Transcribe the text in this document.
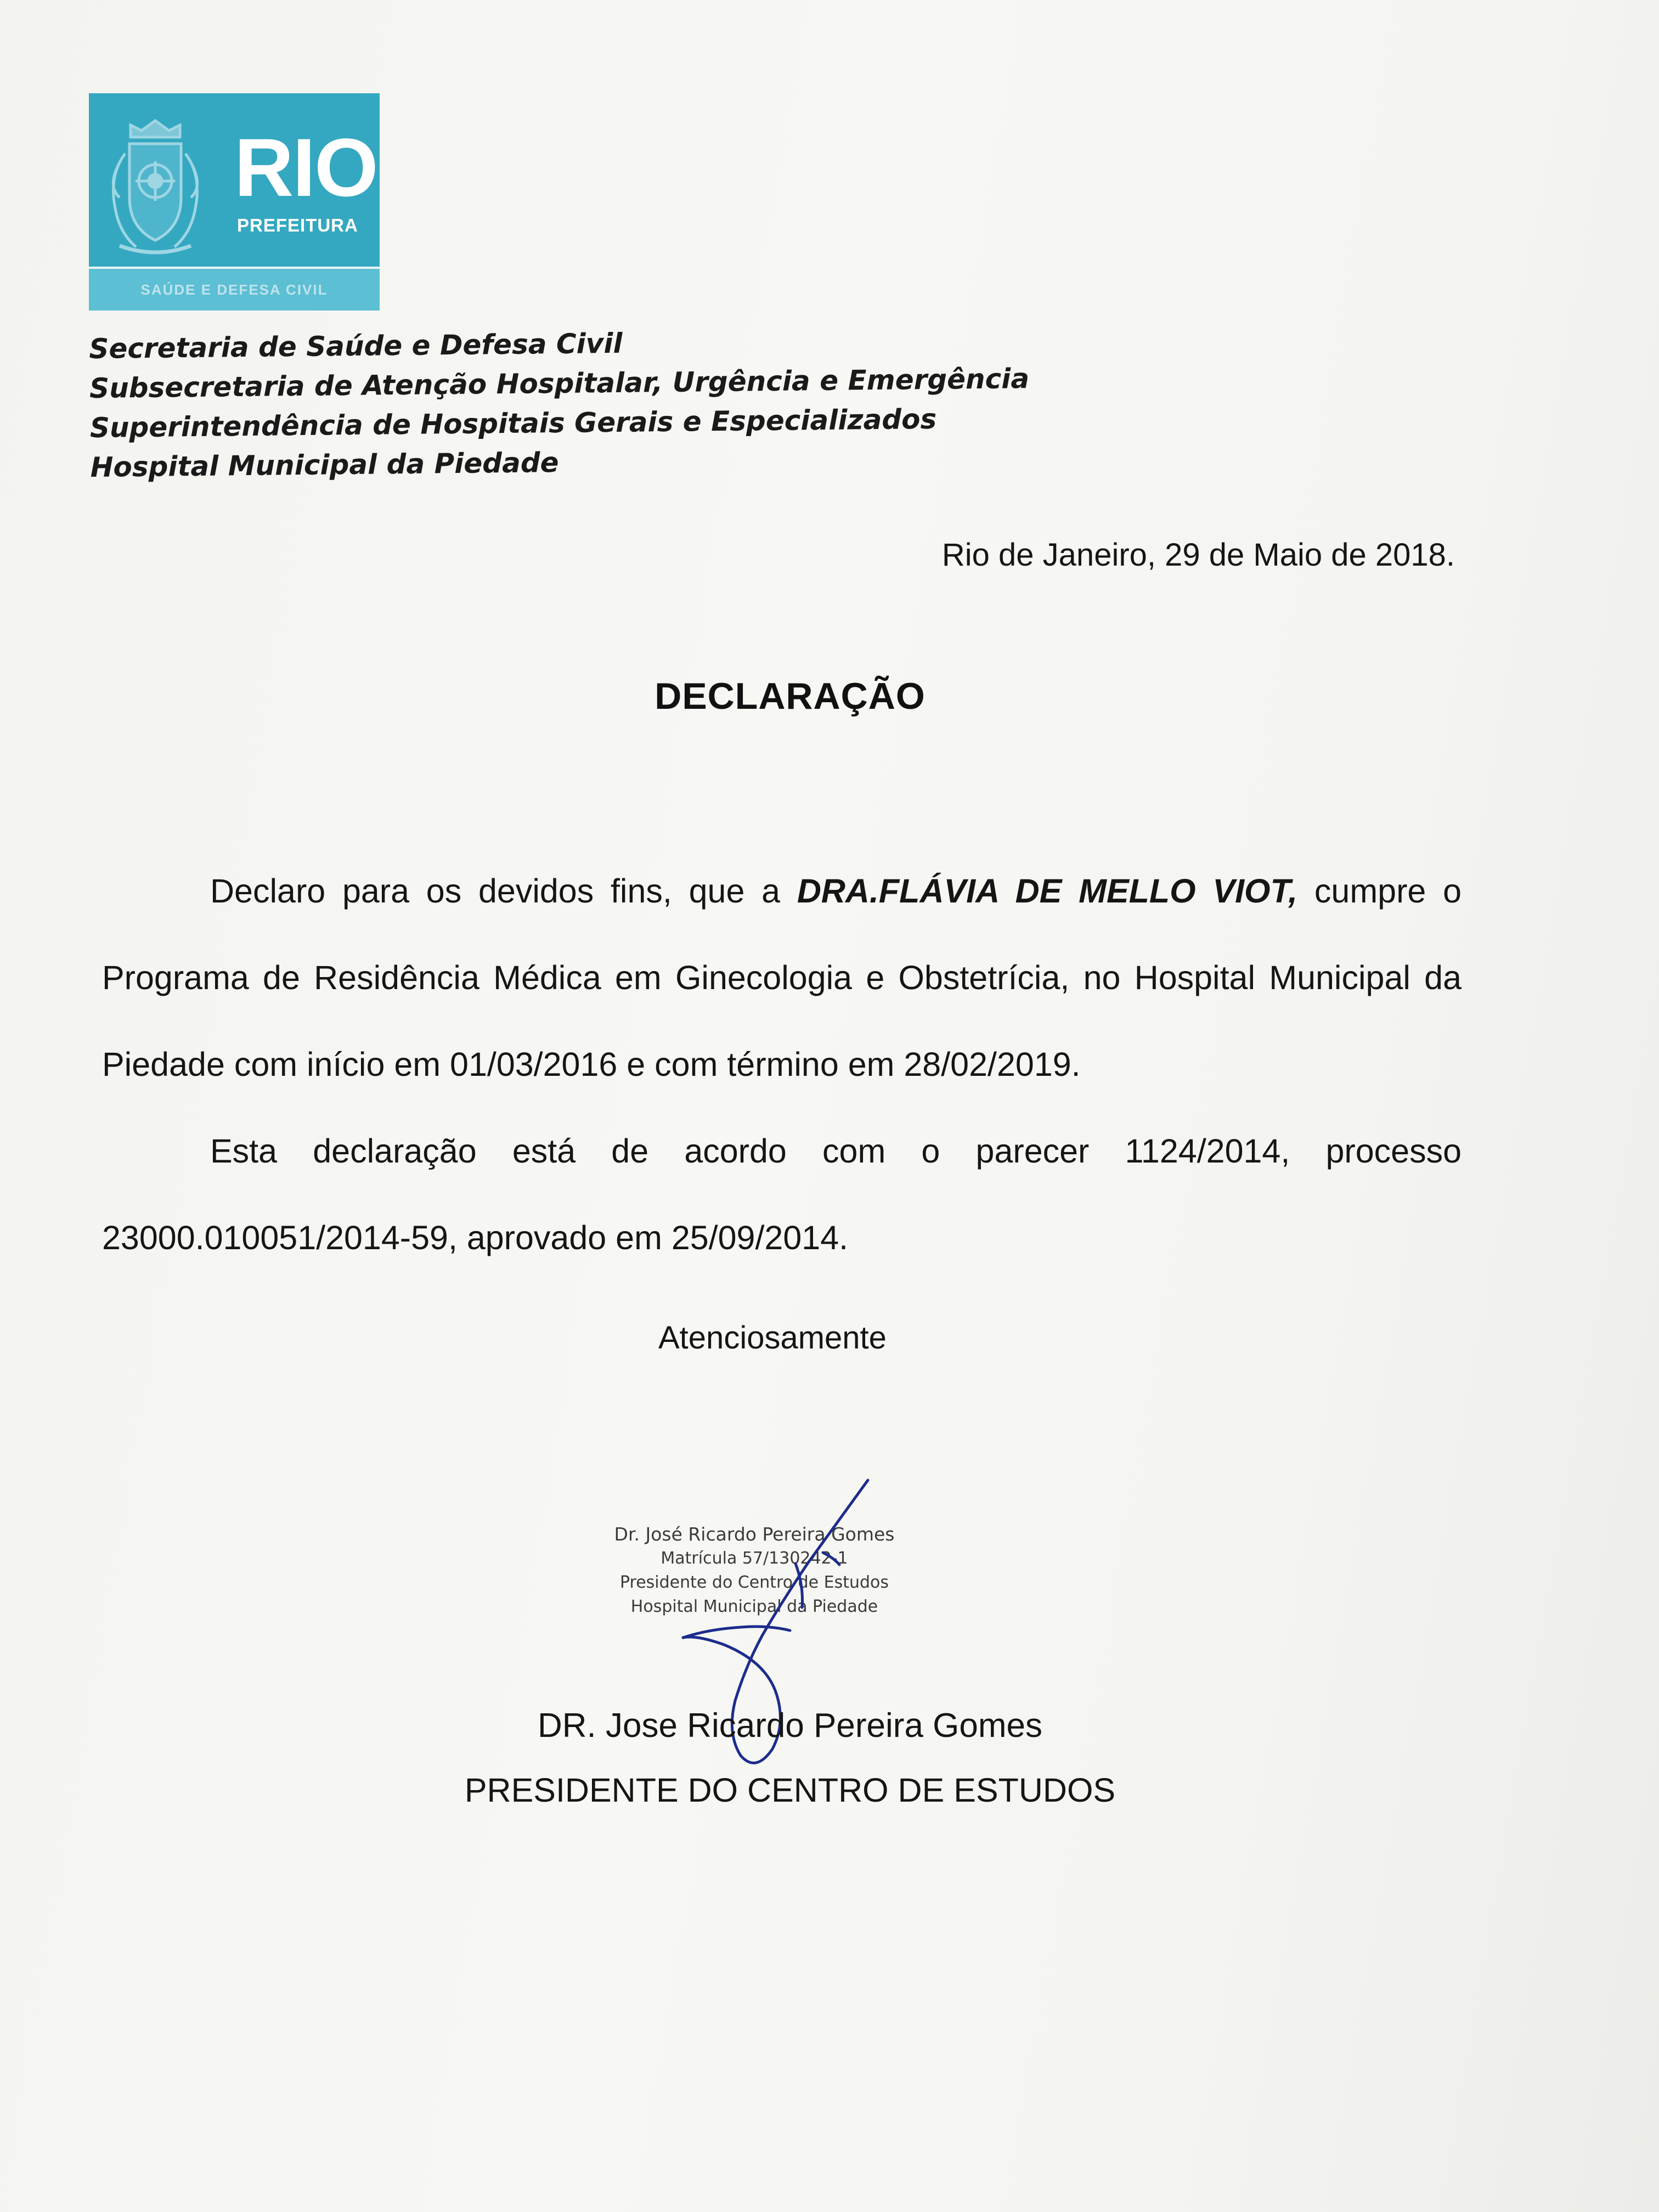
RIO
PREFEITURA
SAÚDE E DEFESA CIVIL
Secretaria de Saúde e Defesa Civil
Subsecretaria de Atenção Hospitalar, Urgência e Emergência
Superintendência de Hospitais Gerais e Especializados
Hospital Municipal da Piedade
Rio de Janeiro, 29 de Maio de 2018.
DECLARAÇÃO

Declaro para os devidos fins, que a DRA.FLÁVIA DE MELLO VIOT, cumpre o Programa de Residência Médica em Ginecologia e Obstetrícia, no Hospital Municipal da Piedade com início em 01/03/2016 e com término em 28/02/2019.

Esta declaração está de acordo com o parecer 1124/2014, processo 23000.010051/2014-59, aprovado em 25/09/2014.

Atenciosamente
Dr. José Ricardo Pereira Gomes
Matrícula 57/130242-1
Presidente do Centro de Estudos
Hospital Municipal da Piedade
DR. Jose Ricardo Pereira Gomes
PRESIDENTE DO CENTRO DE ESTUDOS
